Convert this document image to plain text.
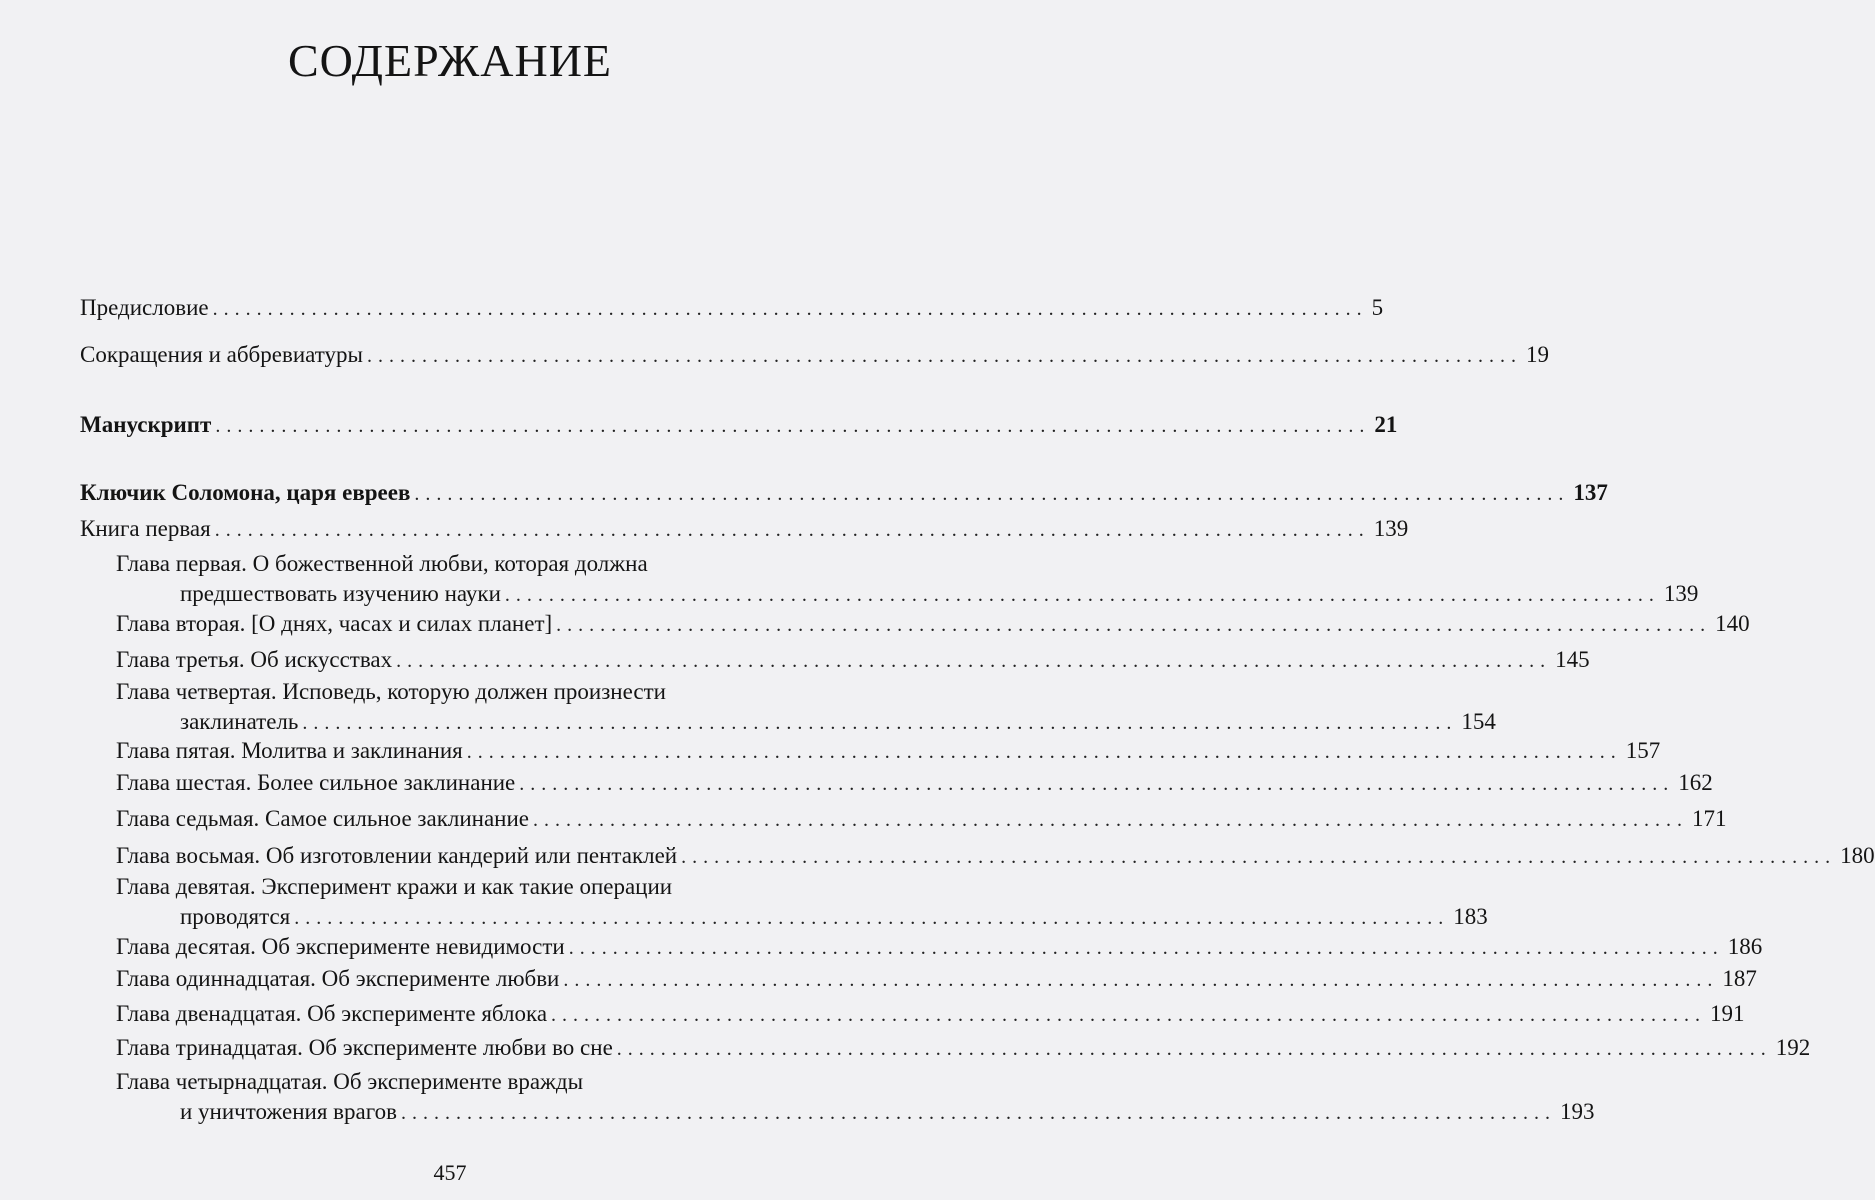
СОДЕРЖАНИЕ
Предисловие ......................................................................................................... 5
Сокращения и аббревиатуры ......................................................................................................... 19
Манускрипт ......................................................................................................... 21
Ключик Соломона, царя евреев ......................................................................................................... 137
Книга первая ......................................................................................................... 139
Глава первая. О божественной любви, которая должна
предшествовать изучению науки ......................................................................................................... 139
Глава вторая. [О днях, часах и силах планет] ......................................................................................................... 140
Глава третья. Об искусствах ......................................................................................................... 145
Глава четвертая. Исповедь, которую должен произнести
заклинатель ......................................................................................................... 154
Глава пятая. Молитва и заклинания ......................................................................................................... 157
Глава шестая. Более сильное заклинание ......................................................................................................... 162
Глава седьмая. Самое сильное заклинание ......................................................................................................... 171
Глава восьмая. Об изготовлении кандерий или пентаклей ......................................................................................................... 180
Глава девятая. Эксперимент кражи и как такие операции
проводятся ......................................................................................................... 183
Глава десятая. Об эксперименте невидимости ......................................................................................................... 186
Глава одиннадцатая. Об эксперименте любви ......................................................................................................... 187
Глава двенадцатая. Об эксперименте яблока ......................................................................................................... 191
Глава тринадцатая. Об эксперименте любви во сне ......................................................................................................... 192
Глава четырнадцатая. Об эксперименте вражды
и уничтожения врагов ......................................................................................................... 193
457
